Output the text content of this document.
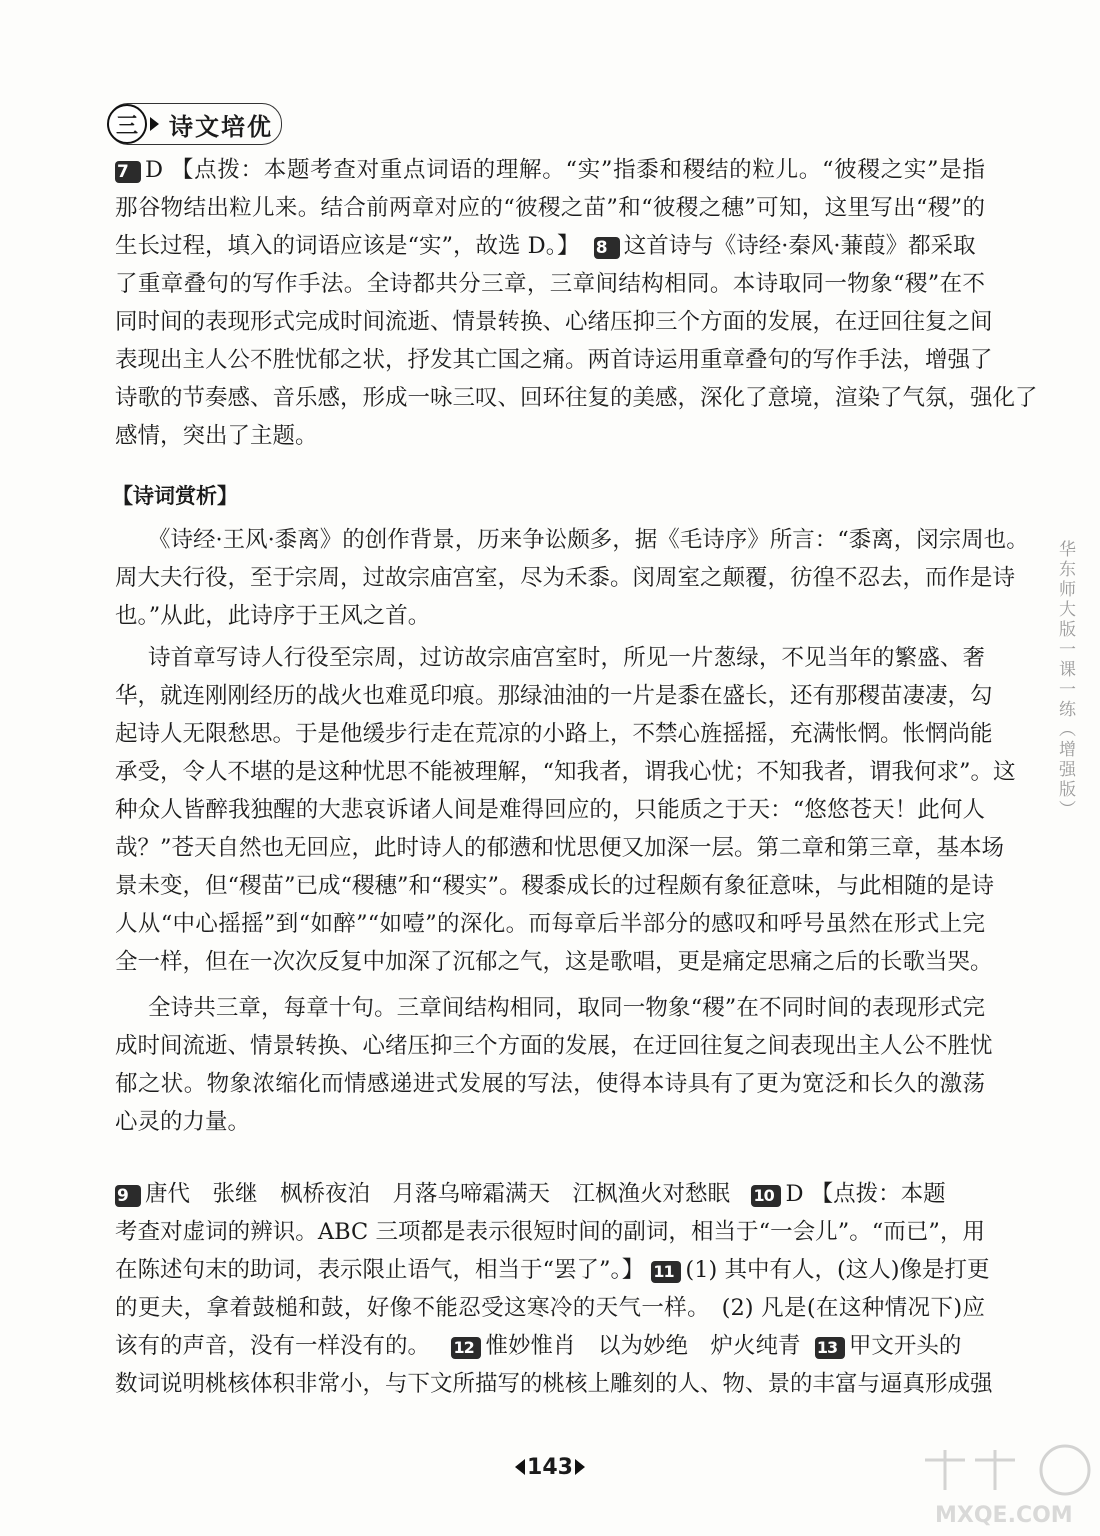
三	诗文培优
7 D 【点拨：本题考查对重点词语的理解。“实”指黍和稷结的粒儿。“彼稷之实”是指
那谷物结出粒儿来。结合前两章对应的“彼稷之苗”和“彼稷之穗”可知，这里写出“稷”的
生长过程，填入的词语应该是“实”，故选 D。】 8 这首诗与《诗经·秦风·蒹葭》都采取
了重章叠句的写作手法。全诗都共分三章，三章间结构相同。本诗取同一物象“稷”在不
同时间的表现形式完成时间流逝、情景转换、心绪压抑三个方面的发展，在迂回往复之间
表现出主人公不胜忧郁之状，抒发其亡国之痛。两首诗运用重章叠句的写作手法，增强了
诗歌的节奏感、音乐感，形成一咏三叹、回环往复的美感，深化了意境，渲染了气氛，强化了
感情，突出了主题。
【诗词赏析】
《诗经·王风·黍离》的创作背景，历来争讼颇多，据《毛诗序》所言：“黍离，闵宗周也。
周大夫行役，至于宗周，过故宗庙宫室，尽为禾黍。闵周室之颠覆，彷徨不忍去，而作是诗
也。”从此，此诗序于王风之首。
诗首章写诗人行役至宗周，过访故宗庙宫室时，所见一片葱绿，不见当年的繁盛、奢
华，就连刚刚经历的战火也难觅印痕。那绿油油的一片是黍在盛长，还有那稷苗凄凄，勾
起诗人无限愁思。于是他缓步行走在荒凉的小路上，不禁心旌摇摇，充满怅惘。怅惘尚能
承受，令人不堪的是这种忧思不能被理解，“知我者，谓我心忧；不知我者，谓我何求”。这
种众人皆醉我独醒的大悲哀诉诸人间是难得回应的，只能质之于天：“悠悠苍天！此何人
哉？”苍天自然也无回应，此时诗人的郁懑和忧思便又加深一层。第二章和第三章，基本场
景未变，但“稷苗”已成“稷穗”和“稷实”。稷黍成长的过程颇有象征意味，与此相随的是诗
人从“中心摇摇”到“如醉”“如噎”的深化。而每章后半部分的感叹和呼号虽然在形式上完
全一样，但在一次次反复中加深了沉郁之气，这是歌唱，更是痛定思痛之后的长歌当哭。
全诗共三章，每章十句。三章间结构相同，取同一物象“稷”在不同时间的表现形式完
成时间流逝、情景转换、心绪压抑三个方面的发展，在迂回往复之间表现出主人公不胜忧
郁之状。物象浓缩化而情感递进式发展的写法，使得本诗具有了更为宽泛和长久的激荡
心灵的力量。
9 唐代　张继　枫桥夜泊　月落乌啼霜满天　江枫渔火对愁眠 10 D 【点拨：本题
考查对虚词的辨识。ABC 三项都是表示很短时间的副词，相当于“一会儿”。“而已”，用
在陈述句末的助词，表示限止语气，相当于“罢了”。】 11 (1) 其中有人，(这人)像是打更
的更夫，拿着鼓槌和鼓，好像不能忍受这寒冷的天气一样。　(2) 凡是(在这种情况下)应
该有的声音，没有一样没有的。 12 惟妙惟肖　以为妙绝　炉火纯青 13 甲文开头的
数词说明桃核体积非常小，与下文所描写的桃核上雕刻的人、物、景的丰富与逼真形成强
华东师大版一课一练（增强版）
143
MXQE.COM
